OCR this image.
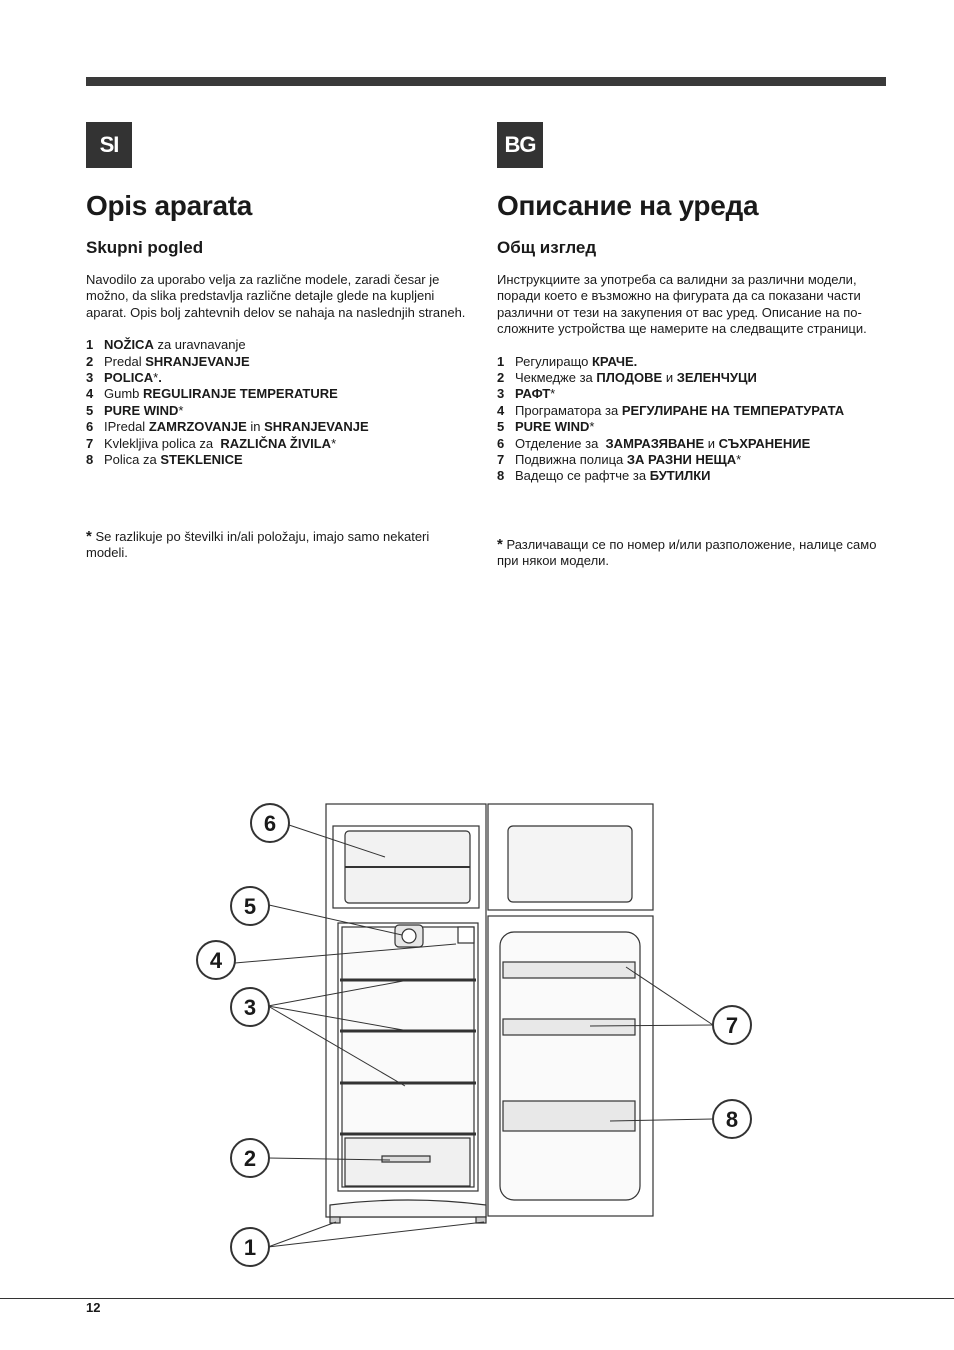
SI
Opis aparata
Skupni pogled

Navodilo za uporabo velja za različne modele, zaradi česar je možno, da slika predstavlja različne detajle glede na kupljeni aparat. Opis bolj zahtevnih delov se nahaja na naslednjih straneh.

1 NOŽICA za uravnavanje
2 Predal SHRANJEVANJE
3 POLICA*.
4 Gumb REGULIRANJE TEMPERATURE
5 PURE WIND*
6 IPredal ZAMRZOVANJE in SHRANJEVANJE
7 Kvlekljiva polica za  RAZLIČNA ŽIVILA*
8 Polica za STEKLENICE
* Se razlikuje po številki in/ali položaju, imajo samo nekateri modeli.
BG
Описание на уреда
Общ изглед

Инструкциите за употреба са валидни за различни модели, поради което е възможно на фигурата да са показани части различни от тези на закупения от вас уред. Описание на по-сложните устройства ще намерите на следващите страници.

1 Регулиращо КРАЧЕ.
2 Чекмедже за ПЛОДОВЕ и ЗЕЛЕНЧУЦИ
3 РАФТ*
4 Програматора за РЕГУЛИРАНЕ НА ТЕМПЕРАТУРАТА
5 PURE WIND*
6 Отделение за  ЗАМРАЗЯВАНЕ и СЪХРАНЕНИЕ
7 Подвижна полица ЗА РАЗНИ НЕЩА*
8 Вадещо се рафтче за БУТИЛКИ
* Различаващи се по номер и/или разположение, налице само при някои модели.
6
5
4
3
2
1
7
8
12
